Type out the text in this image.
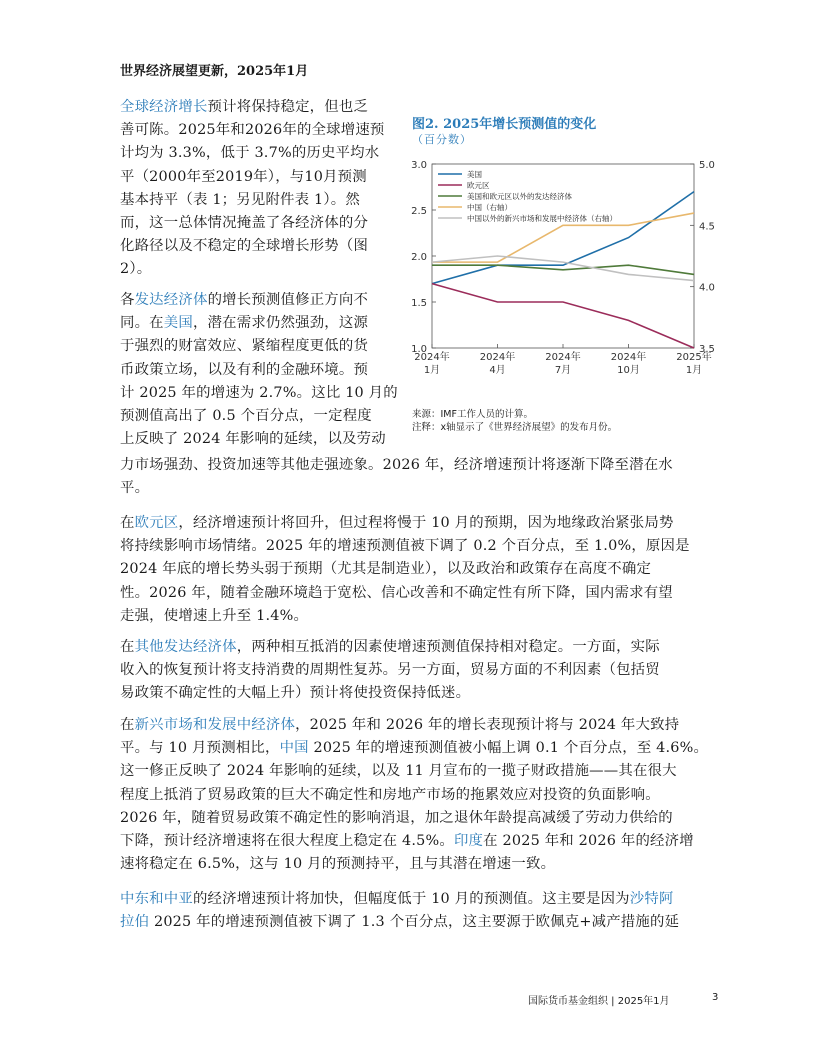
世界经济展望更新，2025年1月
全球经济增长预计将保持稳定，但也乏
善可陈。2025年和2026年的全球增速预
计均为 3.3%，低于 3.7%的历史平均水
平（2000年至2019年），与10月预测
基本持平（表 1；另见附件表 1）。然
而，这一总体情况掩盖了各经济体的分
化路径以及不稳定的全球增长形势（图
2）。
各发达经济体的增长预测值修正方向不
同。在美国，潜在需求仍然强劲，这源
于强烈的财富效应、紧缩程度更低的货
币政策立场，以及有利的金融环境。预
计 2025 年的增速为 2.7%。这比 10 月的
预测值高出了 0.5 个百分点，一定程度
上反映了 2024 年影响的延续，以及劳动
力市场强劲、投资加速等其他走强迹象。2026 年，经济增速预计将逐渐下降至潜在水
平。
在欧元区，经济增速预计将回升，但过程将慢于 10 月的预期，因为地缘政治紧张局势
将持续影响市场情绪。2025 年的增速预测值被下调了 0.2 个百分点，至 1.0%，原因是
2024 年底的增长势头弱于预期（尤其是制造业），以及政治和政策存在高度不确定
性。2026 年，随着金融环境趋于宽松、信心改善和不确定性有所下降，国内需求有望
走强，使增速上升至 1.4%。
在其他发达经济体，两种相互抵消的因素使增速预测值保持相对稳定。一方面，实际
收入的恢复预计将支持消费的周期性复苏。另一方面，贸易方面的不利因素（包括贸
易政策不确定性的大幅上升）预计将使投资保持低迷。
在新兴市场和发展中经济体，2025 年和 2026 年的增长表现预计将与 2024 年大致持
平。与 10 月预测相比，中国 2025 年的增速预测值被小幅上调 0.1 个百分点，至 4.6%。
这一修正反映了 2024 年影响的延续，以及 11 月宣布的一揽子财政措施——其在很大
程度上抵消了贸易政策的巨大不确定性和房地产市场的拖累效应对投资的负面影响。
2026 年，随着贸易政策不确定性的影响消退，加之退休年龄提高减缓了劳动力供给的
下降，预计经济增速将在很大程度上稳定在 4.5%。印度在 2025 年和 2026 年的经济增
速将稳定在 6.5%，这与 10 月的预测持平，且与其潜在增速一致。
中东和中亚的经济增速预计将加快，但幅度低于 10 月的预测值。这主要是因为沙特阿
拉伯 2025 年的增速预测值被下调了 1.3 个百分点，这主要源于欧佩克+减产措施的延
图2. 2025年增长预测值的变化
（百分数）
1.0
1.5
2.0
2.5
3.0
3.5
4.0
4.5
5.0
2024年
1月
2024年
4月
2024年
7月
2024年
10月
2025年
1月
美国
欧元区
美国和欧元区以外的发达经济体
中国（右轴）
中国以外的新兴市场和发展中经济体（右轴）
来源：IMF工作人员的计算。
注释：x轴显示了《世界经济展望》的发布月份。
国际货币基金组织 | 2025年1月	3
